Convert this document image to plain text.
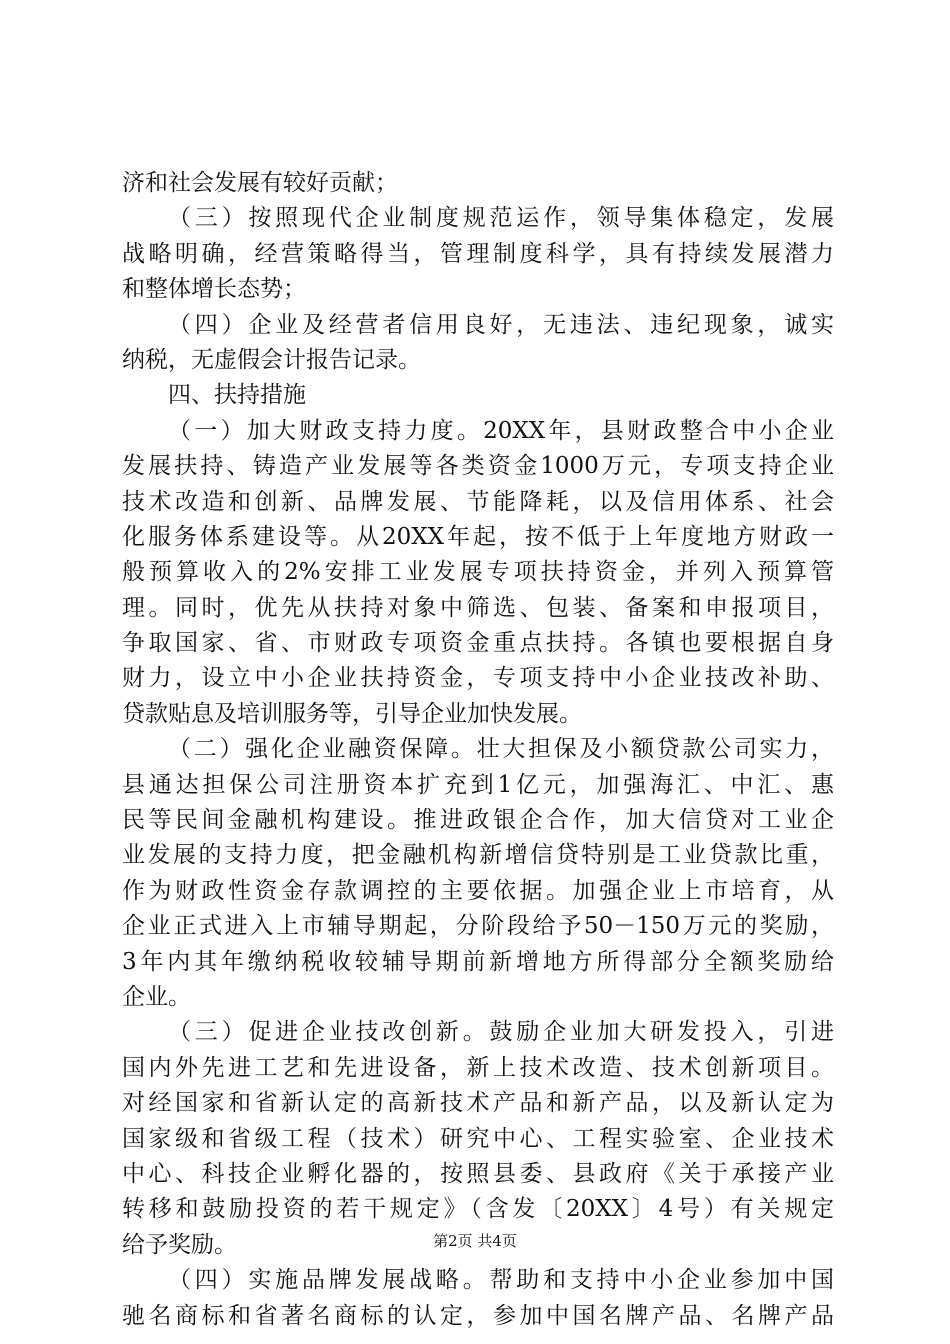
济和社会发展有较好贡献；
（三）按照现代企业制度规范运作，领导集体稳定，发展
战略明确，经营策略得当，管理制度科学，具有持续发展潜力
和整体增长态势；
（四）企业及经营者信用良好，无违法、违纪现象，诚实
纳税，无虚假会计报告记录。
四、扶持措施
（一）加大财政支持力度。20XX年，县财政整合中小企业
发展扶持、铸造产业发展等各类资金1000万元，专项支持企业
技术改造和创新、品牌发展、节能降耗，以及信用体系、社会
化服务体系建设等。从20XX年起，按不低于上年度地方财政一
般预算收入的2%安排工业发展专项扶持资金，并列入预算管
理。同时，优先从扶持对象中筛选、包装、备案和申报项目，
争取国家、省、市财政专项资金重点扶持。各镇也要根据自身
财力，设立中小企业扶持资金，专项支持中小企业技改补助、
贷款贴息及培训服务等，引导企业加快发展。
（二）强化企业融资保障。壮大担保及小额贷款公司实力，
县通达担保公司注册资本扩充到1亿元，加强海汇、中汇、惠
民等民间金融机构建设。推进政银企合作，加大信贷对工业企
业发展的支持力度，把金融机构新增信贷特别是工业贷款比重，
作为财政性资金存款调控的主要依据。加强企业上市培育，从
企业正式进入上市辅导期起，分阶段给予50－150万元的奖励，
3年内其年缴纳税收较辅导期前新增地方所得部分全额奖励给
企业。
（三）促进企业技改创新。鼓励企业加大研发投入，引进
国内外先进工艺和先进设备，新上技术改造、技术创新项目。
对经国家和省新认定的高新技术产品和新产品，以及新认定为
国家级和省级工程（技术）研究中心、工程实验室、企业技术
中心、科技企业孵化器的，按照县委、县政府《关于承接产业
转移和鼓励投资的若干规定》（含发〔20XX〕4号）有关规定
给予奖励。
（四）实施品牌发展战略。帮助和支持中小企业参加中国
驰名商标和省著名商标的认定，参加中国名牌产品、名牌产品
第2页 共4页
